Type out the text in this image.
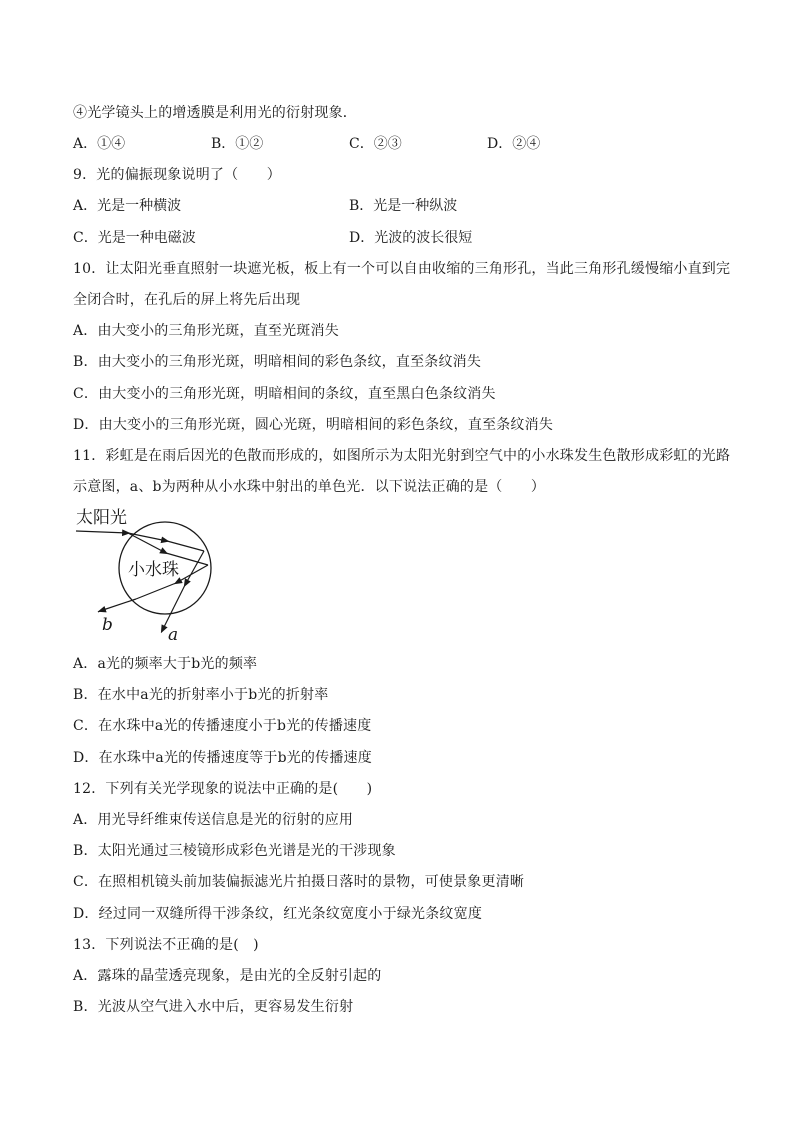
④光学镜头上的增透膜是利用光的衍射现象．
A．①④	B．①②	C．②③	D．②④
9．光的偏振现象说明了（　　）
A．光是一种横波	B．光是一种纵波
C．光是一种电磁波	D．光波的波长很短
10．让太阳光垂直照射一块遮光板，板上有一个可以自由收缩的三角形孔，当此三角形孔缓慢缩小直到完
全闭合时，在孔后的屏上将先后出现
A．由大变小的三角形光斑，直至光斑消失
B．由大变小的三角形光斑，明暗相间的彩色条纹，直至条纹消失
C．由大变小的三角形光斑，明暗相间的条纹，直至黑白色条纹消失
D．由大变小的三角形光斑，圆心光斑，明暗相间的彩色条纹，直至条纹消失
11．彩虹是在雨后因光的色散而形成的，如图所示为太阳光射到空气中的小水珠发生色散形成彩虹的光路
示意图，a、b为两种从小水珠中射出的单色光．以下说法正确的是（　　）
太阳光
小水珠
b	a
A．a光的频率大于b光的频率
B．在水中a光的折射率小于b光的折射率
C．在水珠中a光的传播速度小于b光的传播速度
D．在水珠中a光的传播速度等于b光的传播速度
12．下列有关光学现象的说法中正确的是(　　)
A．用光导纤维束传送信息是光的衍射的应用
B．太阳光通过三棱镜形成彩色光谱是光的干涉现象
C．在照相机镜头前加装偏振滤光片拍摄日落时的景物，可使景象更清晰
D．经过同一双缝所得干涉条纹，红光条纹宽度小于绿光条纹宽度
13．下列说法不正确的是(　)
A．露珠的晶莹透亮现象，是由光的全反射引起的
B．光波从空气进入水中后，更容易发生衍射
